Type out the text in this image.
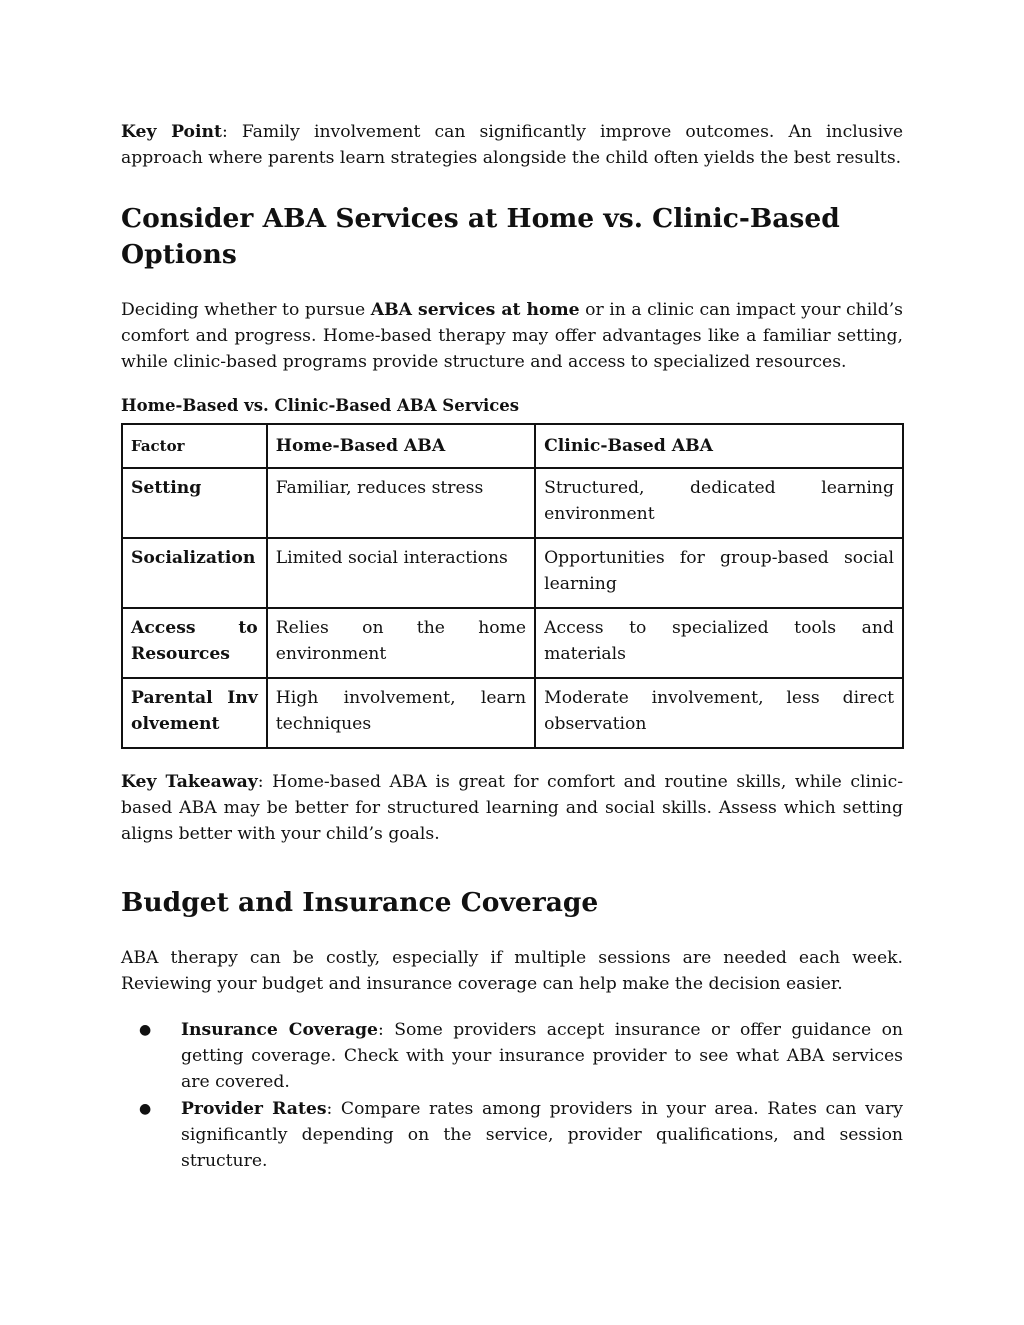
Key Point: Family involvement can significantly improve outcomes. An inclusive approach where parents learn strategies alongside the child often yields the best results.

Consider ABA Services at Home vs. Clinic-Based Options

Deciding whether to pursue ABA services at home or in a clinic can impact your child’s comfort and progress. Home-based therapy may offer advantages like a familiar setting, while clinic-based programs provide structure and access to specialized resources.

Home-Based vs. Clinic-Based ABA Services
Factor	Home-Based ABA	Clinic-Based ABA
Setting	Familiar, reduces stress	Structured, dedicated learning environment
Socialization	Limited social interactions	Opportunities for group-based social learning
Access to Resources	Relies on the home environment	Access to specialized tools and materials
Parental Involvement	High involvement, learn techniques	Moderate involvement, less direct observation

Key Takeaway: Home-based ABA is great for comfort and routine skills, while clinic-based ABA may be better for structured learning and social skills. Assess which setting aligns better with your child’s goals.

Budget and Insurance Coverage

ABA therapy can be costly, especially if multiple sessions are needed each week. Reviewing your budget and insurance coverage can help make the decision easier.

● Insurance Coverage: Some providers accept insurance or offer guidance on getting coverage. Check with your insurance provider to see what ABA services are covered.
● Provider Rates: Compare rates among providers in your area. Rates can vary significantly depending on the service, provider qualifications, and session structure.
